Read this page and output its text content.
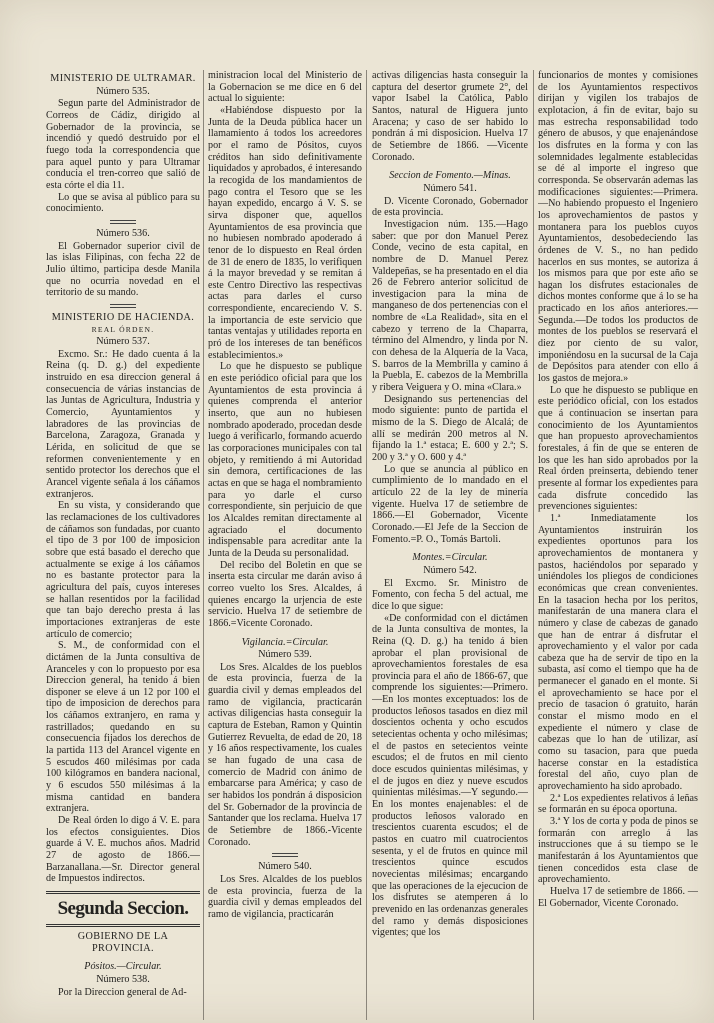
MINISTERIO DE ULTRAMAR.
Número 535.
Segun parte del Administrador de Correos de Cádiz, dirigido al Gobernador de la provincia, se incendió y quedó destruido por el fuego toda la correspondencia que para aquel punto y para Ultramar conducia el tren-correo que salió de esta córte el dia 11.
Lo que se avisa al público para su conocimiento.
Número 536.
El Gobernador superior civil de las islas Filipinas, con fecha 22 de Julio último, participa desde Manila que no ocurria novedad en el territorio de su mando.
MINISTERIO DE HACIENDA.
REAL ÓRDEN.
Número 537.
Excmo. Sr.: He dado cuenta á la Reina (q. D. g.) del expediente instruido en esa direccion general á consecuencia de várias instancias de las Juntas de Agricultura, Industria y Comercio, Ayuntamientos y labradores de las provincias de Barcelona, Zaragoza, Granada y Lérida, en solicitud de que se reformen convenientemente y en sentido protector los derechos que el Arancel vigente señala á los cáñamos extranjeros.
En su vista, y considerando que las reclamaciones de los cultivadores de cáñamos son fundadas, por cuanto el tipo de 3 por 100 de imposicion sobre que está basado el derecho que actualmente se exige á los cáñamos no es bastante protector para la agricultura del país, cuyos intereses se hallan resentidos por la facilidad que tan bajo derecho presta á las importaciones extranjeras de este artículo de comercio;
S. M., de conformidad con el dictámen de la Junta consultiva de Aranceles y con lo propuesto por esa Direccion general, ha tenido á bien disponer se eleve á un 12 por 100 el tipo de imposicion de derechos para los cáñamos extranjero, en rama y rastrillados; quedando en su consecuencia fijados los derechos de la partida 113 del Arancel vigente en 5 escudos 460 milésimas por cada 100 kilógramos en bandera nacional, y 6 escudos 550 milésimas á la misma cantidad en bandera extranjera.
De Real órden lo digo á V. E. para los efectos consiguientes. Dios guarde á V. E. muchos años. Madrid 27 de agosto de 1866.—Barzanallana.—Sr. Director general de Impuestos indirectos.
Segunda Seccion.
GOBIERNO DE LA PROVINCIA.
Pósitos.—Circular.
Número 538.
Por la Direccion general de Ad-
ministracion local del Ministerio de la Gobernacion se me dice en 6 del actual lo siguiente:
«Habiéndose dispuesto por la Junta de la Deuda pública hacer un llamamiento á todos los acreedores por el ramo de Pósitos, cuyos créditos han sido definitivamente liquidados y aprobados, é interesando la recogida de los mandamientos de pago contra el Tesoro que se les hayan expedido, encargo á V. S. se sirva disponer que, aquellos Ayuntamientos de esa provincia que no hubiesen nombrado apoderado á tenor de lo dispuesto en Real órden de 31 de enero de 1835, lo verifiquen á la mayor brevedad y se remitan á este Centro Directivo las respectivas actas para darles el curso correspondiente, encareciendo V. S. la importancia de este servicio que tantas ventajas y utilidades reporta en pró de los intereses de tan benéficos establecimientos.»
Lo que he dispuesto se publique en este periódico oficial para que los Ayuntamientos de esta provincia á quienes comprenda el anterior inserto, que aun no hubiesen nombrado apoderado, procedan desde luego á verificarlo, formando acuerdo las corporaciones municipales con tal objeto, y remitiendo á mi Autoridad sin demora, certificaciones de las actas en que se haga el nombramiento para yo darle el curso correspondiente, sin perjuicio de que los Alcaldes remitan directamente al agraciado el documento indispensable para acreditar ante la Junta de la Deuda su personalidad.
Del recibo del Boletin en que se inserta esta circular me darán aviso á correo vuelto los Sres. Alcaldes, á quienes encargo la urjencia de este servicio. Huelva 17 de setiembre de 1866.=Vicente Coronado.
Vigilancia.=Circular.
Número 539.
Los Sres. Alcaldes de los pueblos de esta provincia, fuerza de la guardia civil y demas empleados del ramo de vigilancia, practicarán activas diligencias hasta conseguir la captura de Esteban, Ramon y Quintin Gutierrez Revuelta, de edad de 20, 18 y 16 años respectivamente, los cuales se han fugado de una casa de comercio de Madrid con ánimo de embarcarse para América; y caso de ser habidos los pondrán á disposicion del Sr. Gobernador de la provincia de Santander que los reclama. Huelva 17 de Setiembre de 1866.-Vicente Coronado.
Número 540.
Los Sres. Alcaldes de los pueblos de esta provincia, fuerza de la guardia civil y demas empleados del ramo de vigilancia, practicarán
activas diligencias hasta conseguir la captura del desertor grumete 2°, del vapor Isabel la Católica, Pablo Santos, natural de Higuera junto Aracena; y caso de ser habido lo pondrán á mi disposicion. Huelva 17 de Setiembre de 1866. —Vicente Coronado.
Seccion de Fomento.—Minas.
Número 541.
D. Vicente Coronado, Gobernador de esta provincia.
Investigacion núm. 135.—Hago saber: que por don Manuel Perez Conde, vecino de esta capital, en nombre de D. Manuel Perez Valdepeñas, se ha presentado en el dia 26 de Febrero anterior solicitud de investigacion para la mina de manganeso de dos pertenencias con el nombre de «La Realidad», sita en el cabezo y terreno de la Chaparra, término del Almendro, y linda por N. con dehesa de la Alquería de la Vaca, S. barros de la Membrilla y camino á la Puebla, E. cabezos de la Membrilla y ribera Veiguera y O. mina «Clara.»
Designando sus pertenencias del modo siguiente: punto de partida el mismo de la S. Diego de Alcalá; de allí se medirán 200 metros al N. fijando la 1.ª estaca; E. 600 y 2.ª; S. 200 y 3.ª y O. 600 y 4.ª
Lo que se anuncia al público en cumplimiento de lo mandado en el artículo 22 de la ley de minería vigente. Huelva 17 de setiembre de 1866.—El Gobernador, Vicente Coronado.—El Jefe de la Seccion de Fomento.=P. O., Tomás Bartoli.
Montes.=Circular.
Número 542.
El Excmo. Sr. Ministro de Fomento, con fecha 5 del actual, me dice lo que sigue:
«De conformidad con el dictámen de la Junta consultiva de montes, la Reina (Q. D. g.) ha tenido á bien aprobar el plan provisional de aprovechamientos forestales de esa provincia para el año de 1866-67, que comprende los siguientes:—Primero.—En los montes exceptuados: los de productos leñosos tasados en diez mil doscientos ochenta y ocho escudos setecientas ochenta y ocho milésimas; el de pastos en setecientos veinte escudos; el de frutos en mil ciento doce escudos quinientas milésimas, y el de jugos en diez y nueve escudos quinientas milésimas.—Y segundo.—En los montes enajenables: el de productos leñosos valorado en trescientos cuarenta escudos; el de pastos en cuatro mil cuatrocientos sesenta, y el de frutos en quince mil trescientos quince escudos novecientas milésimas; encargando que las operaciones de la ejecucion de los disfrutes se atemperen á lo prevenido en las ordenanzas generales del ramo y demás disposiciones vigentes; que los
funcionarios de montes y comisiones de los Ayuntamientos respectivos dirijan y vigilen los trabajos de explotacion, á fin de evitar, bajo su mas estrecha responsabilidad todo género de abusos, y que enajenándose los disfrutes en la forma y con las solemnidades legalmente establecidas se dé al importe el ingreso que corresponda. Se observarán ademas las modificaciones siguientes:—Primera.—No habiendo propuesto el Ingeniero los aprovechamientos de pastos y montanera para los pueblos cuyos Ayuntamientos, desobedeciendo las órdenes de V. S., no han pedido hacerlos en sus montes, se autoriza á los mismos para que por este año se hagan los disfrutes estacionales de dichos montes conforme que á lo se ha practicado en los años anteriores.—Segunda.—De todos los productos de montes de los pueblos se reservará el diez por ciento de su valor, imponiéndosu en la sucursal de la Caja de Depósitos para atender con ello á los gastos de mejora.»
Lo que he dispuesto se publique en este periódico oficial, con los estados que á continuacion se insertan para conocimiento de los Ayuntamientos que han propuesto aprovechamientos forestales, á fin de que se enteren de los que les han sido aprobados por la Real órden preinserta, debiendo tener presente al formar los expedientes para cada disfrute concedido las prevenciones siguientes:
1.ª Inmediatamente los Ayuntamientos instruirán los expedientes oportunos para los aprovechamientos de montanera y pastos, haciéndolos por separado y uniéndoles los pliegos de condiciones económicas que crean convenientes. En la tasacion hecha por los peritos, manifestarán de una manera clara el número y clase de cabezas de ganado que han de entrar á disfrutar el aprovechamiento y el valor por cada cabeza que ha de servir de tipo en la subasta, así como el tiempo que ha de permanecer el ganado en el monte. Si el aprovechamiento se hace por el precio de tasacion ó gratuito, harán constar el mismo modo en el expediente el número y clase de cabezas que lo han de utilizar, así como su tasacion, para que pueda hacerse constar en la estadística forestal del año, cuyo plan de aprovechamiento ha sido aprobado.
2.ª Los expedientes relativos á leñas se formarán en su época oportuna.
3.ª Y los de corta y poda de pinos se formarán con arreglo á las instrucciones que á su tiempo se le manifestarán á los Ayuntamientos que tienen concedidos esta clase de aprovechamiento.
Huelva 17 de setiembre de 1866. —El Gobernador, Vicente Coronado.
